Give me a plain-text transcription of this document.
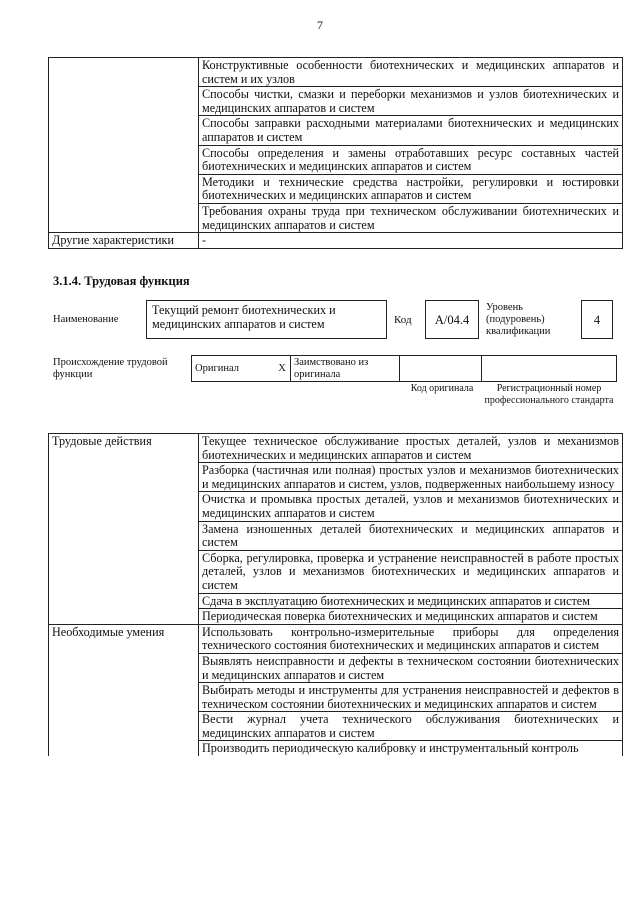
7
	Конструктивные особенности биотехнических и медицинских аппаратов и систем и их узлов
	Способы чистки, смазки и переборки механизмов и узлов биотехнических и медицинских аппаратов и систем
	Способы заправки расходными материалами биотехнических и медицинских аппаратов и систем
	Способы определения и замены отработавших ресурс составных частей биотехнических и медицинских аппаратов и систем
	Методики и технические средства настройки, регулировки и юстировки биотехнических и медицинских аппаратов и систем
	Требования охраны труда при техническом обслуживании биотехнических и медицинских аппаратов и систем
Другие характеристики	-
3.1.4. Трудовая функция
Наименование
Текущий ремонт биотехнических и медицинских аппаратов и систем	Код	A/04.4
Уровень (подуровень) квалификации
4
Происхождение трудовой функции
Оригинал	X	Заимствовано из оригинала		
Код оригинала	Регистрационный номер профессионального стандарта
Трудовые действия	Текущее техническое обслуживание простых деталей, узлов и механизмов биотехнических и медицинских аппаратов и систем
	Разборка (частичная или полная) простых узлов и механизмов биотехнических и медицинских аппаратов и систем, узлов, подверженных наибольшему износу
	Очистка и промывка простых деталей, узлов и механизмов биотехнических и медицинских аппаратов и систем
	Замена изношенных деталей биотехнических и медицинских аппаратов и систем
	Сборка, регулировка, проверка и устранение неисправностей в работе простых деталей, узлов и механизмов биотехнических и медицинских аппаратов и систем
	Сдача в эксплуатацию биотехнических и медицинских аппаратов и систем
	Периодическая поверка биотехнических и медицинских аппаратов и систем
Необходимые умения	Использовать контрольно-измерительные приборы для определения технического состояния биотехнических и медицинских аппаратов и систем
	Выявлять неисправности и дефекты в техническом состоянии биотехнических и медицинских аппаратов и систем
	Выбирать методы и инструменты для устранения неисправностей и дефектов в техническом состоянии биотехнических и медицинских аппаратов и систем
	Вести журнал учета технического обслуживания биотехнических и медицинских аппаратов и систем
	Производить периодическую калибровку и инструментальный контроль
